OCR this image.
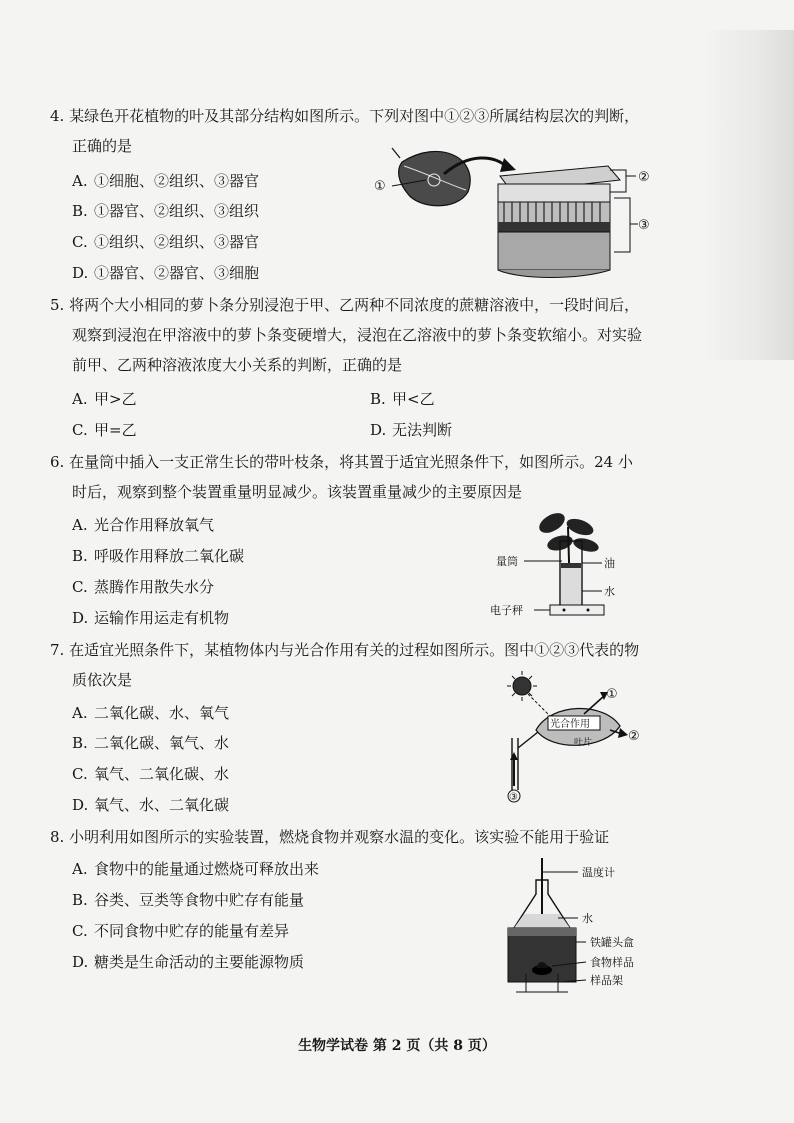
4. 某绿色开花植物的叶及其部分结构如图所示。下列对图中①②③所属结构层次的判断，
正确的是

A. ①细胞、②组织、③器官
B. ①器官、②组织、③组织
C. ①组织、②组织、③器官
D. ①器官、②器官、③细胞
①
②
③

5. 将两个大小相同的萝卜条分别浸泡于甲、乙两种不同浓度的蔗糖溶液中，一段时间后，
观察到浸泡在甲溶液中的萝卜条变硬增大，浸泡在乙溶液中的萝卜条变软缩小。对实验
前甲、乙两种溶液浓度大小关系的判断，正确的是

A. 甲>乙	B. 甲<乙
C. 甲=乙	D. 无法判断

6. 在量筒中插入一支正常生长的带叶枝条，将其置于适宜光照条件下，如图所示。24 小
时后，观察到整个装置重量明显减少。该装置重量减少的主要原因是

A. 光合作用释放氧气
B. 呼吸作用释放二氧化碳
C. 蒸腾作用散失水分
D. 运输作用运走有机物
量筒	油
水
电子秤

7. 在适宜光照条件下，某植物体内与光合作用有关的过程如图所示。图中①②③代表的物
质依次是

A. 二氧化碳、水、氧气
B. 二氧化碳、氧气、水
C. 氧气、二氧化碳、水
D. 氧气、水、二氧化碳
光合作用
叶片
③
①
②

8. 小明利用如图所示的实验装置，燃烧食物并观察水温的变化。该实验不能用于验证

A. 食物中的能量通过燃烧可释放出来
B. 谷类、豆类等食物中贮存有能量
C. 不同食物中贮存的能量有差异
D. 糖类是生命活动的主要能源物质
温度计
水
铁罐头盒
食物样品
样品架
生物学试卷 第 2 页（共 8 页）
